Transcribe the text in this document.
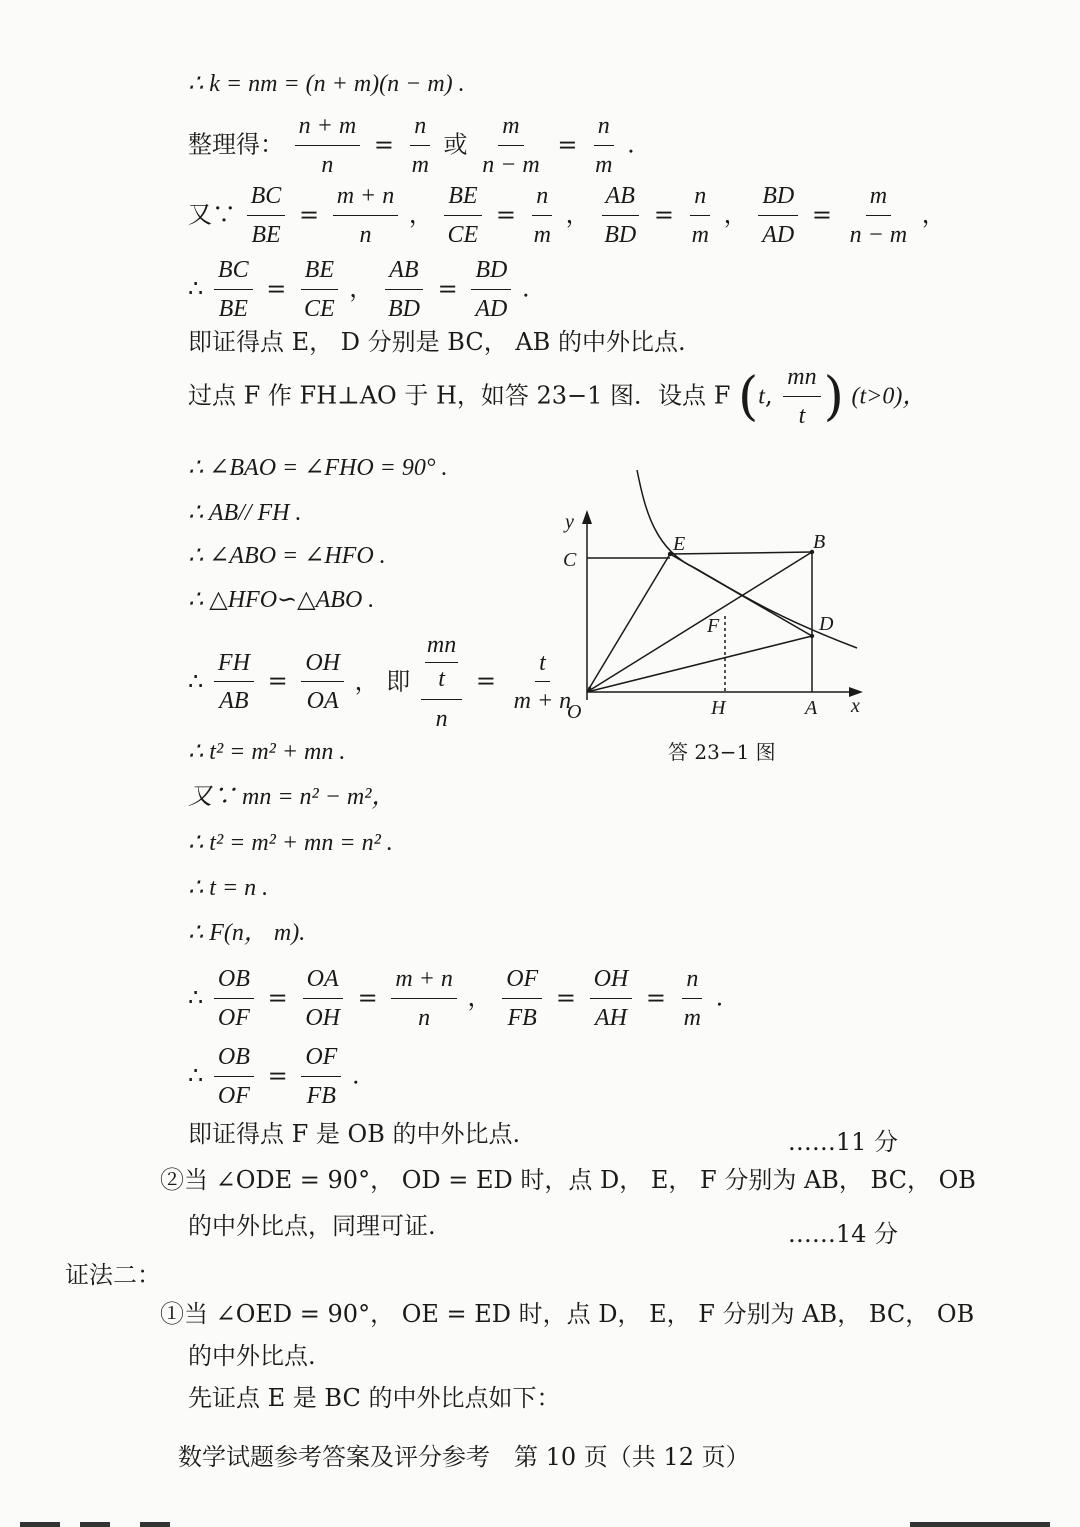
∴ k = nm = (n + m)(n − m) .
整理得： $\frac{n + m}{n} = \frac{n}{m}$ 或 $\frac{m}{n - m} = \frac{n}{m}$ .
又∵ $\frac{BC}{BE} = \frac{m + n}{n}$ ， $\frac{BE}{CE} = \frac{n}{m}$ ， $\frac{AB}{BD} = \frac{n}{m}$ ， $\frac{BD}{AD} = \frac{m}{n - m}$ ，
∴ $\frac{BC}{BE} = \frac{BE}{CE}$ ， $\frac{AB}{BD} = \frac{BD}{AD}$ .
即证得点 E， D 分别是 BC， AB 的中外比点.
过点 F 作 FH⊥AO 于 H，如答 23−1 图．设点 F (t, $\frac{mn}{t}$ ) (t>0)，
∴ ∠BAO = ∠FHO = 90° .
∴ AB// FH .
∴ ∠ABO = ∠HFO .
∴ △HFO∽△ABO .
∴ $\frac{FH}{AB} = \frac{OH}{OA}$ ， 即 $\frac{\frac{mn}{t}}{n} = \frac{t}{m + n}$ .
∴ t² = m² + mn .
又∵ mn = n² − m²，
∴ t² = m² + mn = n² .
∴ t = n .
∴ F(n， m).
∴ $\frac{OB}{OF} = \frac{OA}{OH} = \frac{m + n}{n}$ ， $\frac{OF}{FB} = \frac{OH}{AH} = \frac{n}{m}$ .
∴ $\frac{OB}{OF} = \frac{OF}{FB}$ .
即证得点 F 是 OB 的中外比点.	……11 分
②当 ∠ODE = 90°， OD = ED 时，点 D， E， F 分别为 AB， BC， OB
的中外比点，同理可证.	……14 分
证法二：
①当 ∠OED = 90°， OE = ED 时，点 D， E， F 分别为 AB， BC， OB
的中外比点.
先证点 E 是 BC 的中外比点如下：
数学试题参考答案及评分参考　第 10 页（共 12 页）
y
C
E	B
F	D
O	H	A x
答 23−1 图
